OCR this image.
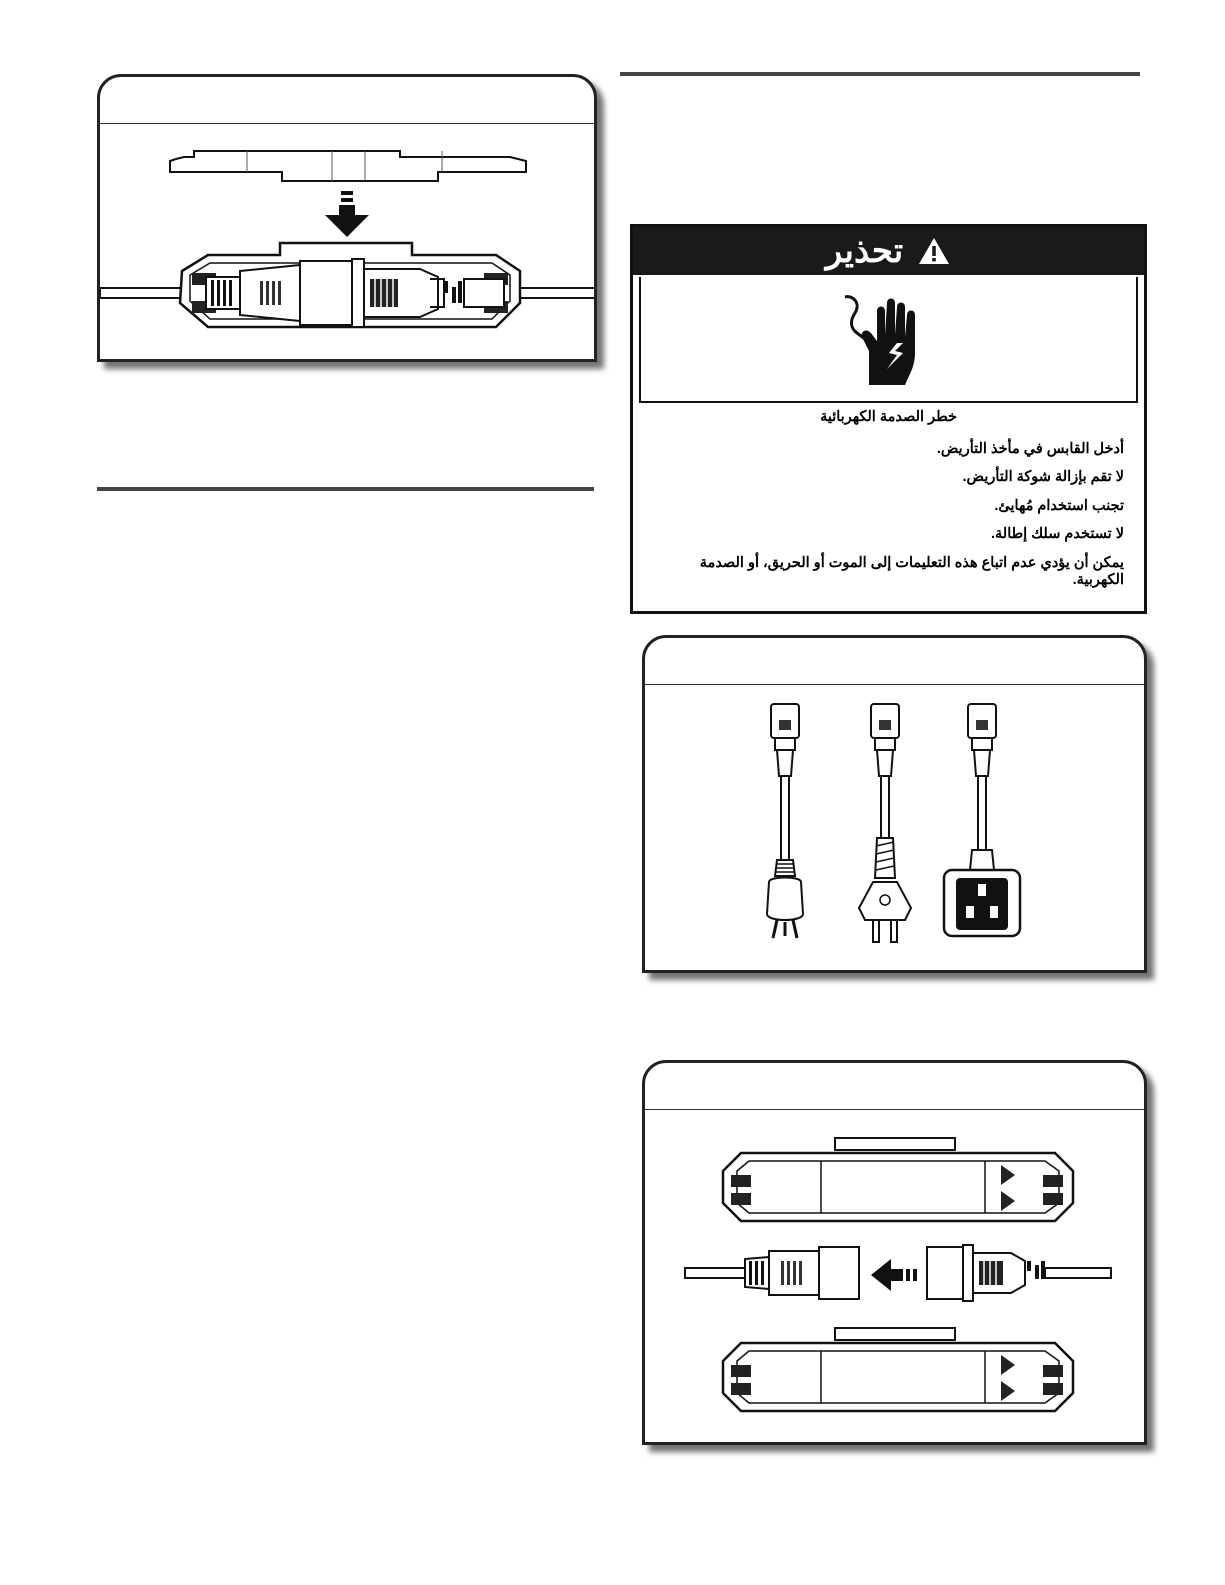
تحذير
خطر الصدمة الكهربائية
أدخل القابس في مأخذ التأريض.
لا تقم بإزالة شوكة التأريض.
تجنب استخدام مُهايئ.
لا تستخدم سلك إطالة.
يمكن أن يؤدي عدم اتباع هذه التعليمات إلى الموت أو الحريق، أو الصدمة الكهربية.
